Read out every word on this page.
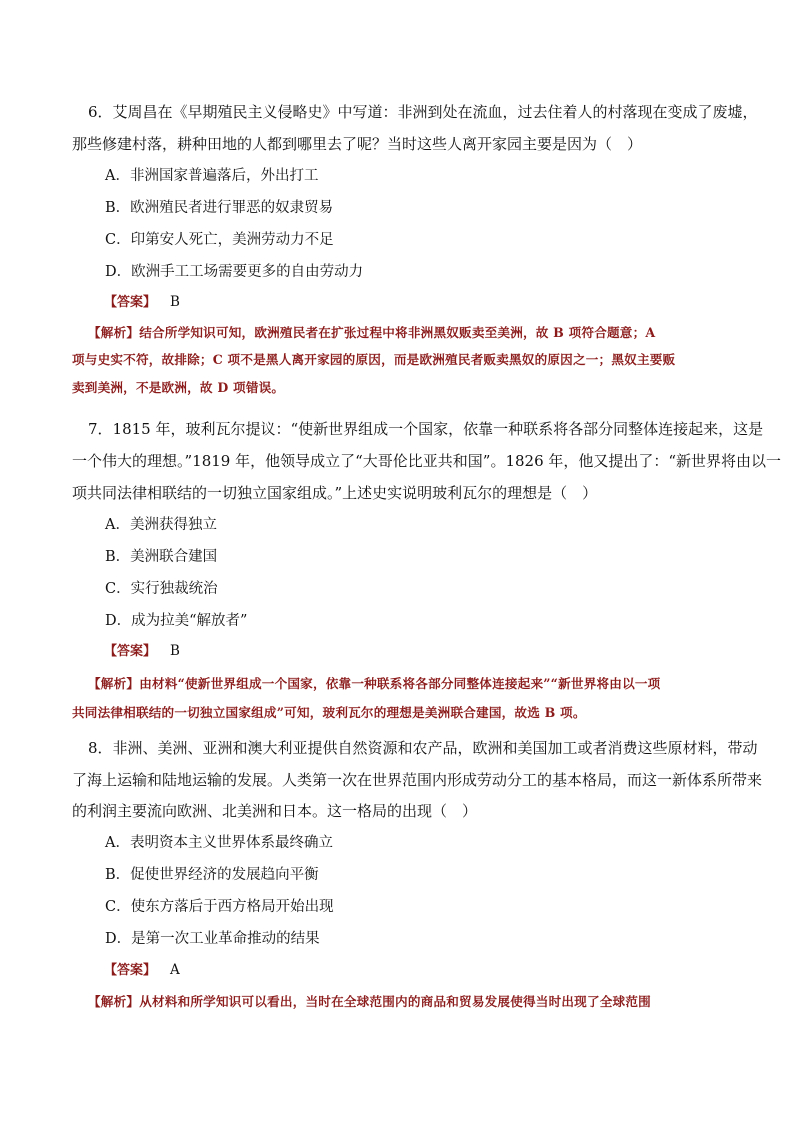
6．艾周昌在《早期殖民主义侵略史》中写道：非洲到处在流血，过去住着人的村落现在变成了废墟，
那些修建村落，耕种田地的人都到哪里去了呢？当时这些人离开家园主要是因为（　）
A．非洲国家普遍落后，外出打工
B．欧洲殖民者进行罪恶的奴隶贸易
C．印第安人死亡，美洲劳动力不足
D．欧洲手工工场需要更多的自由劳动力
【答案】 B
【解析】结合所学知识可知，欧洲殖民者在扩张过程中将非洲黑奴贩卖至美洲，故 B 项符合题意；A
项与史实不符，故排除；C 项不是黑人离开家园的原因，而是欧洲殖民者贩卖黑奴的原因之一；黑奴主要贩
卖到美洲，不是欧洲，故 D 项错误。
7．1815 年，玻利瓦尔提议：“使新世界组成一个国家，依靠一种联系将各部分同整体连接起来，这是
一个伟大的理想。”1819 年，他领导成立了“大哥伦比亚共和国”。1826 年，他又提出了：“新世界将由以一
项共同法律相联结的一切独立国家组成。”上述史实说明玻利瓦尔的理想是（　）
A．美洲获得独立
B．美洲联合建国
C．实行独裁统治
D．成为拉美“解放者”
【答案】 B
【解析】由材料“使新世界组成一个国家，依靠一种联系将各部分同整体连接起来”“新世界将由以一项
共同法律相联结的一切独立国家组成”可知，玻利瓦尔的理想是美洲联合建国，故选 B 项。
8．非洲、美洲、亚洲和澳大利亚提供自然资源和农产品，欧洲和美国加工或者消费这些原材料，带动
了海上运输和陆地运输的发展。人类第一次在世界范围内形成劳动分工的基本格局，而这一新体系所带来
的利润主要流向欧洲、北美洲和日本。这一格局的出现（　）
A．表明资本主义世界体系最终确立
B．促使世界经济的发展趋向平衡
C．使东方落后于西方格局开始出现
D．是第一次工业革命推动的结果
【答案】 A
【解析】从材料和所学知识可以看出，当时在全球范围内的商品和贸易发展使得当时出现了全球范围
